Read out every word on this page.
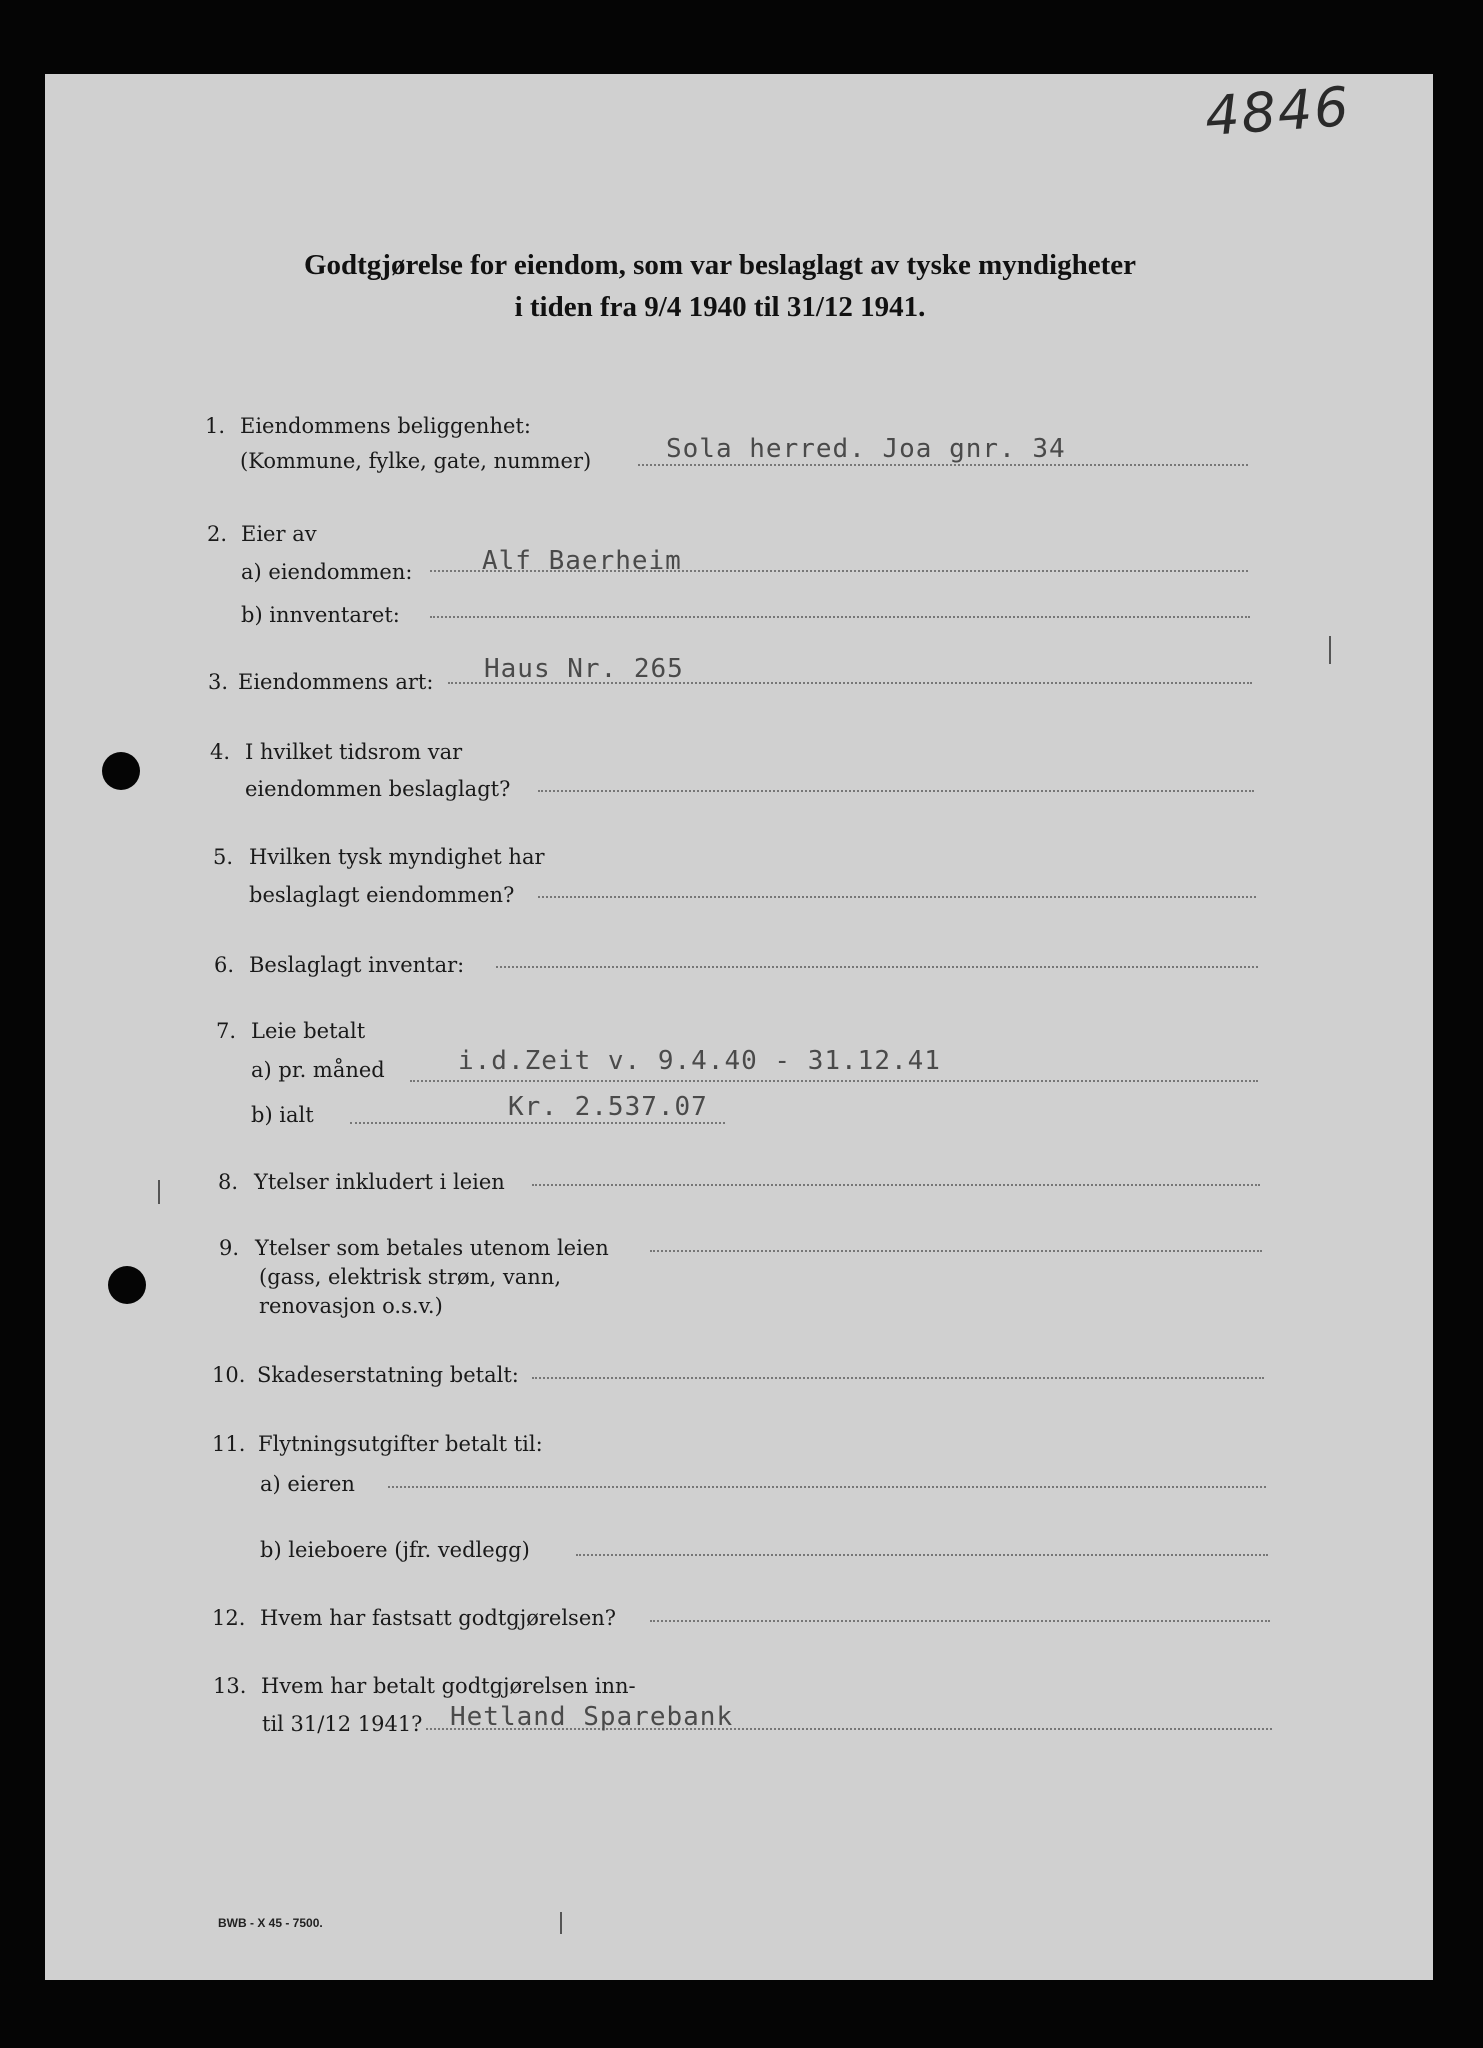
4846
Godtgjørelse for eiendom, som var beslaglagt av tyske myndigheter
i tiden fra 9/4 1940 til 31/12 1941.
1. Eiendommens beliggenhet:
(Kommune, fylke, gate, nummer)	Sola herred. Joa gnr. 34
2. Eier av
a) eiendommen:	Alf Baerheim
b) innventaret:
3. Eiendommens art: Haus Nr. 265
4. I hvilket tidsrom var
eiendommen beslaglagt?
5. Hvilken tysk myndighet har
beslaglagt eiendommen?
6. Beslaglagt inventar:
7. Leie betalt
a) pr. måned	i.d.Zeit v. 9.4.40 - 31.12.41
b) ialt	Kr. 2.537.07
8. Ytelser inkludert i leien
9. Ytelser som betales utenom leien
(gass, elektrisk strøm, vann,
renovasjon o.s.v.)
10. Skadeserstatning betalt:
11. Flytningsutgifter betalt til:
a) eieren
b) leieboere (jfr. vedlegg)
12. Hvem har fastsatt godtgjørelsen?
13. Hvem har betalt godtgjørelsen inn-
til 31/12 1941? Hetland Sparebank
BWB - X 45 - 7500.
